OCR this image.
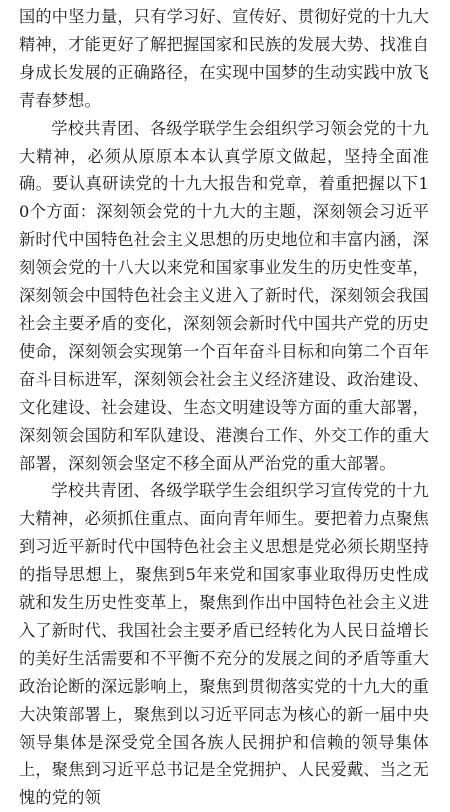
国的中坚力量，只有学习好、宣传好、贯彻好党的十九大精神，才能更好了解把握国家和民族的发展大势、找准自身成长发展的正确路径，在实现中国梦的生动实践中放飞青春梦想。

学校共青团、各级学联学生会组织学习领会党的十九大精神，必须从原原本本认真学原文做起，坚持全面准确。要认真研读党的十九大报告和党章，着重把握以下10个方面：深刻领会党的十九大的主题，深刻领会习近平新时代中国特色社会主义思想的历史地位和丰富内涵，深刻领会党的十八大以来党和国家事业发生的历史性变革，深刻领会中国特色社会主义进入了新时代，深刻领会我国社会主要矛盾的变化，深刻领会新时代中国共产党的历史使命，深刻领会实现第一个百年奋斗目标和向第二个百年奋斗目标进军，深刻领会社会主义经济建设、政治建设、文化建设、社会建设、生态文明建设等方面的重大部署，深刻领会国防和军队建设、港澳台工作、外交工作的重大部署，深刻领会坚定不移全面从严治党的重大部署。

学校共青团、各级学联学生会组织学习宣传党的十九大精神，必须抓住重点、面向青年师生。要把着力点聚焦到习近平新时代中国特色社会主义思想是党必须长期坚持的指导思想上，聚焦到5年来党和国家事业取得历史性成就和发生历史性变革上，聚焦到作出中国特色社会主义进入了新时代、我国社会主要矛盾已经转化为人民日益增长的美好生活需要和不平衡不充分的发展之间的矛盾等重大政治论断的深远影响上，聚焦到贯彻落实党的十九大的重大决策部署上，聚焦到以习近平同志为核心的新一届中央领导集体是深受党全国各族人民拥护和信赖的领导集体上，聚焦到习近平总书记是全党拥护、人民爱戴、当之无愧的党的领
